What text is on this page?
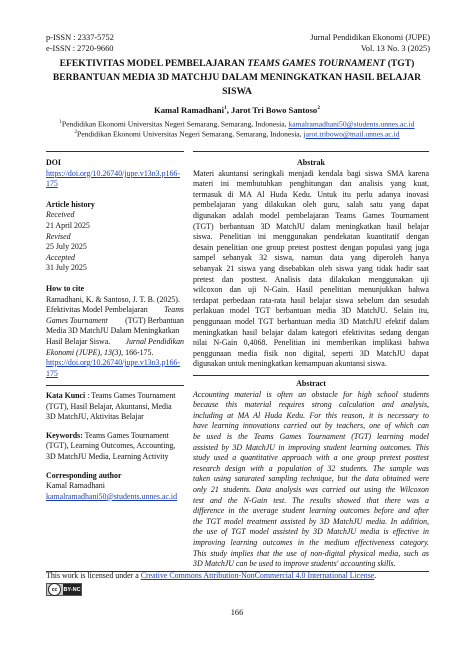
p-ISSN : 2337-5752
e-ISSN : 2720-9660
Jurnal Pendidikan Ekonomi (JUPE)
Vol. 13 No. 3 (2025)
EFEKTIVITAS MODEL PEMBELAJARAN TEAMS GAMES TOURNAMENT (TGT)
BERBANTUAN MEDIA 3D MATCHJU DALAM MENINGKATKAN HASIL BELAJAR
SISWA
Kamal Ramadhani$^1$, Jarot Tri Bowo Santoso$^2$
$^1$Pendidikan Ekonomi Universitas Negeri Semarang, Semarang, Indonesia, kamalramadhani50@students.unnes.ac.id
$^2$Pendidikan Ekonomi Universitas Negeri Semarang, Semarang, Indonesia, jarot.tribowo@mail.unnes.ac.id
DOI
https://doi.org/10.26740/jupe.v13n3.p166-
175
Article history
Received
21 April 2025
Revised
25 July 2025
Accepted
31 July 2025
How to cite
Ramadhani, K. & Santoso, J. T. B. (2025).
Efektivitas Model Pembelajaran Teams
Games Tournament (TGT) Berbantuan
Media 3D MatchJU Dalam Meningkatkan
Hasil Belajar Siswa. Jurnal Pendidikan
Ekonomi (JUPE), 13(3), 166-175.
https://doi.org/10.26740/jupe.v13n3.p166-
175
Kata Kunci : Teams Games Tournament
(TGT), Hasil Belajar, Akuntansi, Media
3D MatchJU, Aktivitas Belajar
Keywords: Teams Games Tournament
(TGT), Learning Outcomes, Accounting,
3D MatchJU Media, Learning Activity
Corresponding author
Kamal Ramadhani
kamalramadhani50@students.unnes.ac.id
Abstrak
Materi akuntansi seringkali menjadi kendala bagi siswa SMA karena
materi ini membutuhkan penghitungan dan analisis yang kuat,
termasuk di MA Al Huda Kedu. Untuk itu perlu adanya inovasi
pembelajaran yang dilakukan oleh guru, salah satu yang dapat
digunakan adalah model pembelajaran Teams Games Tournament
(TGT) berbantuan 3D MatchJU dalam meningkatkan hasil belajar
siswa. Penelitian ini menggunakan pendekatan kuantitatif dengan
desain penelitian one group pretest posttest dengan populasi yang juga
sampel sebanyak 32 siswa, namun data yang diperoleh hanya
sebanyak 21 siswa yang disebabkan oleh siswa yang tidak hadir saat
pretest dan posttest. Analisis data dilakukan menggunakan uji
wilcoxon dan uji N-Gain. Hasil penelitian menunjukkan bahwa
terdapat perbedaan rata-rata hasil belajar siswa sebelum dan sesudah
perlakuan model TGT berbantuan media 3D MatchJU. Selain itu,
penggunaan model TGT berbantuan media 3D MatchJU efektif dalam
meningkatkan hasil belajar dalam kategori efektivitas sedang dengan
nilai N-Gain 0,4068. Penelitian ini memberikan implikasi bahwa
penggunaan media fisik non digital, seperti 3D MatchJU dapat
digunakan untuk meningkatkan kemampuan akuntansi siswa.
Abstract
Accounting material is often an obstacle for high school students
because this material requires strong calculation and analysis,
including at MA Al Huda Kedu. For this reason, it is necessary to
have learning innovations carried out by teachers, one of which can
be used is the Teams Games Tournament (TGT) learning model
assisted by 3D MatchJU in improving student learning outcomes. This
study used a quantitative approach with a one group pretest posttest
research design with a population of 32 students. The sample was
taken using saturated sampling technique, but the data obtained were
only 21 students. Data analysis was carried out using the Wilcoxon
test and the N-Gain test. The results showed that there was a
difference in the average student learning outcomes before and after
the TGT model treatment assisted by 3D MatchJU media. In addition,
the use of TGT model assisted by 3D MatchJU media is effective in
improving learning outcomes in the medium effectiveness category.
This study implies that the use of non-digital physical media, such as
3D MatchJU can be used to improve students' accounting skills.
This work is licensed under a Creative Commons Attribution-NonCommercial 4.0 International License.
cc	BY-NC
166
